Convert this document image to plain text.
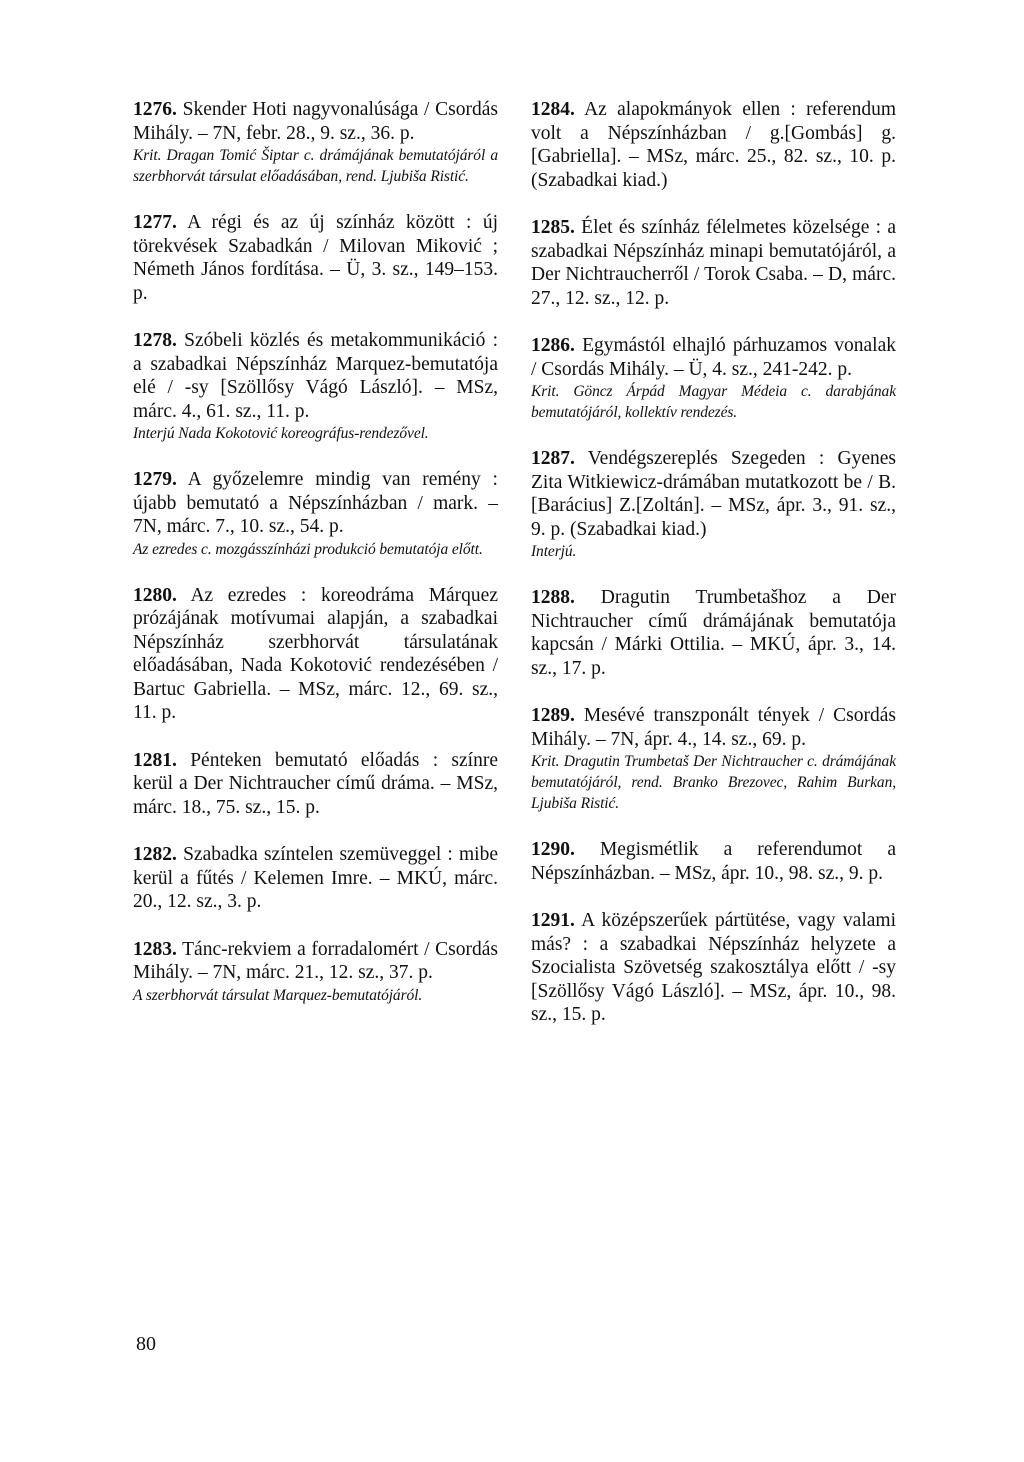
1276. Skender Hoti nagyvonalúsága / Csordás Mihály. – 7N, febr. 28., 9. sz., 36. p.
Krit. Dragan Tomić Šiptar c. drámájának bemutatójáról a szerbhorvát társulat előadásában, rend. Ljubiša Ristić.

1277. A régi és az új színház között : új törekvések Szabadkán / Milovan Miković ; Németh János fordítása. – Ü, 3. sz., 149–153. p.

1278. Szóbeli közlés és metakommunikáció : a szabadkai Népszínház Marquez-bemutatója elé / -sy [Szöllősy Vágó László]. – MSz, márc. 4., 61. sz., 11. p.
Interjú Nada Kokotović koreográfus-rendezővel.

1279. A győzelemre mindig van remény : újabb bemutató a Népszínházban / mark. – 7N, márc. 7., 10. sz., 54. p.
Az ezredes c. mozgásszínházi produkció bemutatója előtt.

1280. Az ezredes : koreodráma Márquez prózájának motívumai alapján, a szabadkai Népszínház szerbhorvát társulatának előadásában, Nada Kokotović rendezésében / Bartuc Gabriella. – MSz, márc. 12., 69. sz., 11. p.

1281. Pénteken bemutató előadás : színre kerül a Der Nichtraucher című dráma. – MSz, márc. 18., 75. sz., 15. p.

1282. Szabadka színtelen szemüveggel : mibe kerül a fűtés / Kelemen Imre. – MKÚ, márc. 20., 12. sz., 3. p.

1283. Tánc-rekviem a forradalomért / Csordás Mihály. – 7N, márc. 21., 12. sz., 37. p.
A szerbhorvát társulat Marquez-bemutatójáról.

1284. Az alapokmányok ellen : referendum volt a Népszínházban / g.[Gombás] g.[Gabriella]. – MSz, márc. 25., 82. sz., 10. p. (Szabadkai kiad.)

1285. Élet és színház félelmetes közelsége : a szabadkai Népszínház minapi bemutatójáról, a Der Nichtraucherről / Torok Csaba. – D, márc. 27., 12. sz., 12. p.

1286. Egymástól elhajló párhuzamos vonalak / Csordás Mihály. – Ü, 4. sz., 241-242. p.
Krit. Göncz Árpád Magyar Médeia c. darabjának bemutatójáról, kollektív rendezés.

1287. Vendégszereplés Szegeden : Gyenes Zita Witkiewicz-drámában mutatkozott be / B.[Barácius] Z.[Zoltán]. – MSz, ápr. 3., 91. sz., 9. p. (Szabadkai kiad.)
Interjú.

1288. Dragutin Trumbetašhoz a Der Nichtraucher című drámájának bemutatója kapcsán / Márki Ottilia. – MKÚ, ápr. 3., 14. sz., 17. p.

1289. Mesévé transzponált tények / Csordás Mihály. – 7N, ápr. 4., 14. sz., 69. p.
Krit. Dragutin Trumbetaš Der Nichtraucher c. drámájának bemutatójáról, rend. Branko Brezovec, Rahim Burkan, Ljubiša Ristić.

1290. Megismétlik a referendumot a Népszínházban. – MSz, ápr. 10., 98. sz., 9. p.

1291. A középszerűek pártütése, vagy valami más? : a szabadkai Népszínház helyzete a Szocialista Szövetség szakosztálya előtt / -sy [Szöllősy Vágó László]. – MSz, ápr. 10., 98. sz., 15. p.

80
